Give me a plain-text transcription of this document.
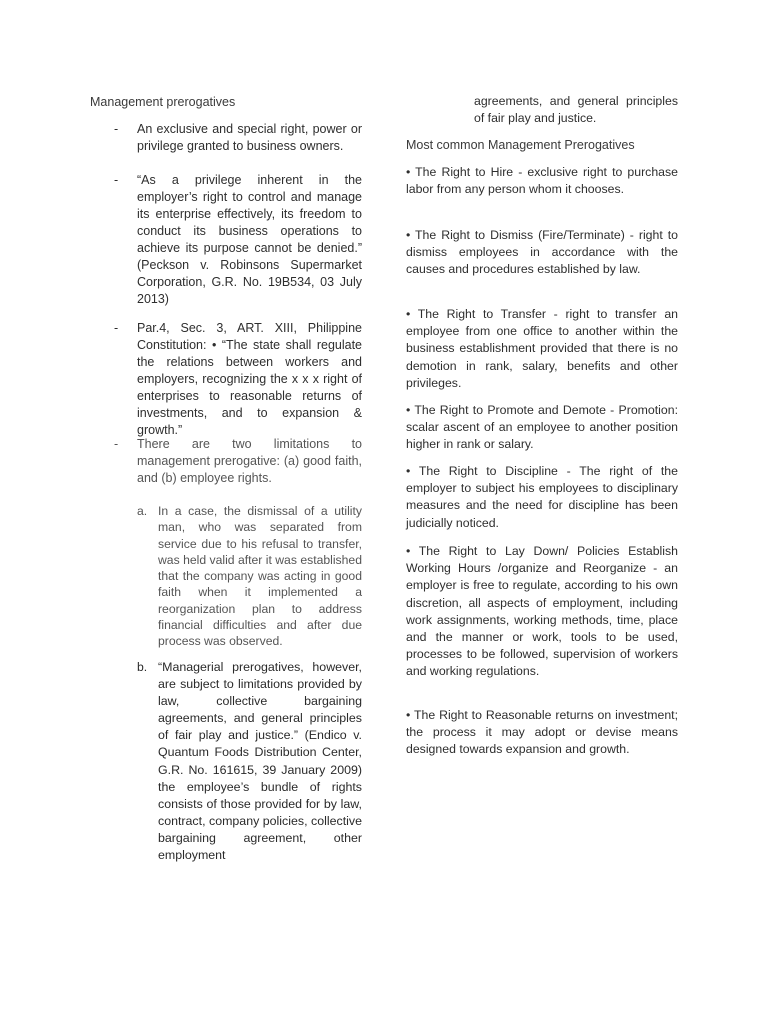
Management prerogatives
-	An exclusive and special right, power or privilege granted to business owners.
-	“As a privilege inherent in the employer’s right to control and manage its enterprise effectively, its freedom to conduct its business operations to achieve its purpose cannot be denied.” (Peckson v. Robinsons Supermarket Corporation, G.R. No. 19B534, 03 July 2013)
-	Par.4, Sec. 3, ART. XIII, Philippine Constitution: • “The state shall regulate the relations between workers and employers, recognizing the x x x right of enterprises to reasonable returns of investments, and to expansion & growth.”
-	There are two limitations to management prerogative: (a) good faith, and (b) employee rights.
a. In a case, the dismissal of a utility man, who was separated from service due to his refusal to transfer, was held valid after it was established that the company was acting in good faith when it implemented a reorganization plan to address financial difficulties and after due process was observed.
b. “Managerial prerogatives, however, are subject to limitations provided by law, collective bargaining agreements, and general principles of fair play and justice.” (Endico v. Quantum Foods Distribution Center, G.R. No. 161615, 39 January 2009) the employee’s bundle of rights consists of those provided for by law, contract, company policies, collective bargaining agreement, other employment
agreements, and general principles of fair play and justice.
Most common Management Prerogatives
• The Right to Hire - exclusive right to purchase labor from any person whom it chooses.
• The Right to Dismiss (Fire/Terminate) - right to dismiss employees in accordance with the causes and procedures established by law.
• The Right to Transfer - right to transfer an employee from one office to another within the business establishment provided that there is no demotion in rank, salary, benefits and other privileges.
• The Right to Promote and Demote - Promotion: scalar ascent of an employee to another position higher in rank or salary.
• The Right to Discipline - The right of the employer to subject his employees to disciplinary measures and the need for discipline has been judicially noticed.
• The Right to Lay Down/ Policies Establish Working Hours /organize and Reorganize - an employer is free to regulate, according to his own discretion, all aspects of employment, including work assignments, working methods, time, place and the manner or work, tools to be used, processes to be followed, supervision of workers and working regulations.
• The Right to Reasonable returns on investment; the process it may adopt or devise means designed towards expansion and growth.
